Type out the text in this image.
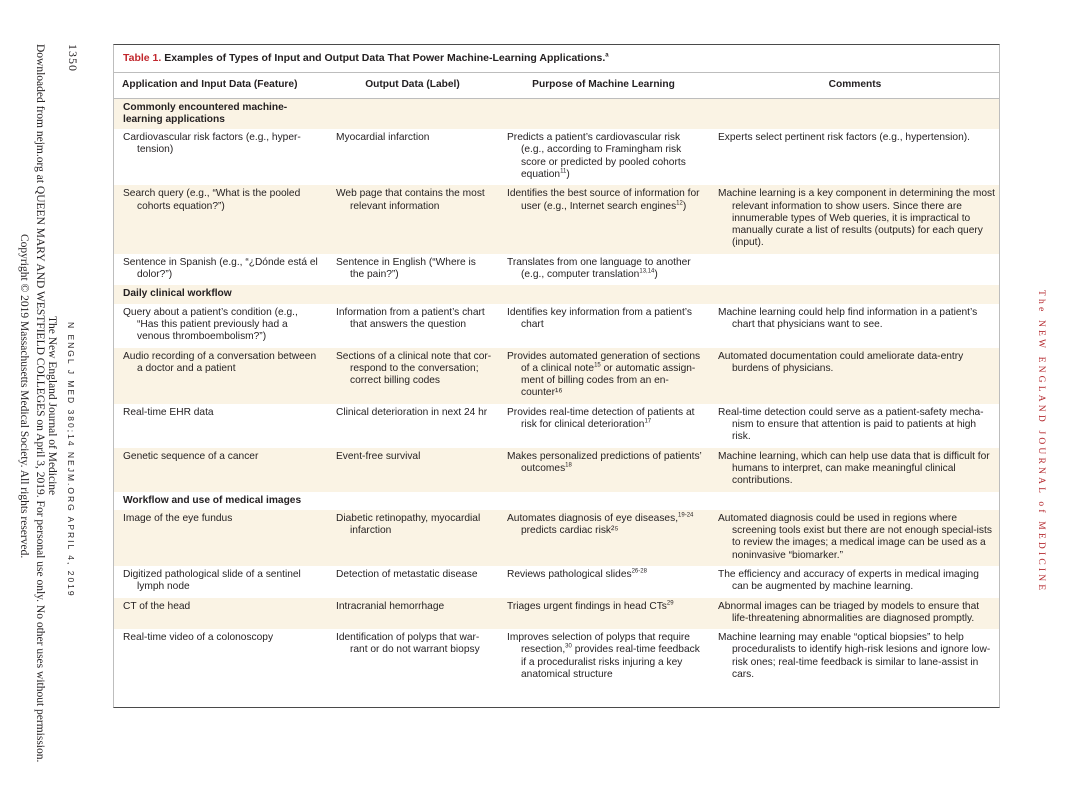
1350
Downloaded from nejm.org at QUEEN MARY AND WESTFIELD COLLEGES on April 3, 2019. For personal use only. No other uses without permission.
Copyright © 2019 Massachusetts Medical Society. All rights reserved. The New England Journal of Medicine N ENGL J MED 380;14 NEJM.ORG APRIL 4, 2019	The NEW ENGLAND JOURNAL of MEDICINE
Table 1. Examples of Types of Input and Output Data That Power Machine-Learning Applications.$^a$
Application and Input Data (Feature)	Output Data (Label)	Purpose of Machine Learning	Comments
Commonly encountered machine-learning applications			

Cardiovascular risk factors (e.g., hyper-tension)	Myocardial infarction	Predicts a patient’s cardiovascular risk (e.g., according to Framingham risk score or predicted by pooled cohorts equation$^{11}$)	Experts select pertinent risk factors (e.g., hypertension).

Search query (e.g., “What is the pooled cohorts equation?”)	Web page that contains the most relevant information	Identifies the best source of information for user (e.g., Internet search engines$^{12}$)	Machine learning is a key component in determining the most relevant information to show users. Since there are innumerable types of Web queries, it is impractical to manually curate a list of results (outputs) for each query (input).

Sentence in Spanish (e.g., “¿Dónde está el dolor?”)	Sentence in English (“Where is the pain?”)	Translates from one language to another (e.g., computer translation$^{13,14}$)	

Daily clinical workflow			

Query about a patient’s condition (e.g., “Has this patient previously had a venous thromboembolism?”)	Information from a patient’s chart that answers the question	Identifies key information from a patient’s chart	Machine learning could help find information in a patient’s chart that physicians want to see.

Audio recording of a conversation between a doctor and a patient	Sections of a clinical note that cor-respond to the conversation; correct billing codes	Provides automated generation of sections of a clinical note$^{15}$ or automatic assign-ment of billing codes from an en-counter¹⁶	Automated documentation could ameliorate data-entry burdens of physicians.

Real-time EHR data	Clinical deterioration in next 24 hr	Provides real-time detection of patients at risk for clinical deterioration$^{17}$	Real-time detection could serve as a patient-safety mecha-nism to ensure that attention is paid to patients at high risk.

Genetic sequence of a cancer	Event-free survival	Makes personalized predictions of patients’ outcomes$^{18}$	Machine learning, which can help use data that is difficult for humans to interpret, can make meaningful clinical contributions.

Workflow and use of medical images			

Image of the eye fundus	Diabetic retinopathy, myocardial infarction	Automates diagnosis of eye diseases,$^{19-24}$ predicts cardiac risk²⁵	Automated diagnosis could be used in regions where screening tools exist but there are not enough special-ists to review the images; a medical image can be used as a noninvasive “biomarker.”

Digitized pathological slide of a sentinel lymph node	Detection of metastatic disease	Reviews pathological slides$^{26-28}$	The efficiency and accuracy of experts in medical imaging can be augmented by machine learning.

CT of the head	Intracranial hemorrhage	Triages urgent findings in head CTs$^{29}$	Abnormal images can be triaged by models to ensure that life-threatening abnormalities are diagnosed promptly.

Real-time video of a colonoscopy	Identification of polyps that war-rant or do not warrant biopsy	Improves selection of polyps that require resection,$^{30}$ provides real-time feedback if a proceduralist risks injuring a key anatomical structure	Machine learning may enable “optical biopsies” to help proceduralists to identify high-risk lesions and ignore low-risk ones; real-time feedback is similar to lane-assist in cars.
